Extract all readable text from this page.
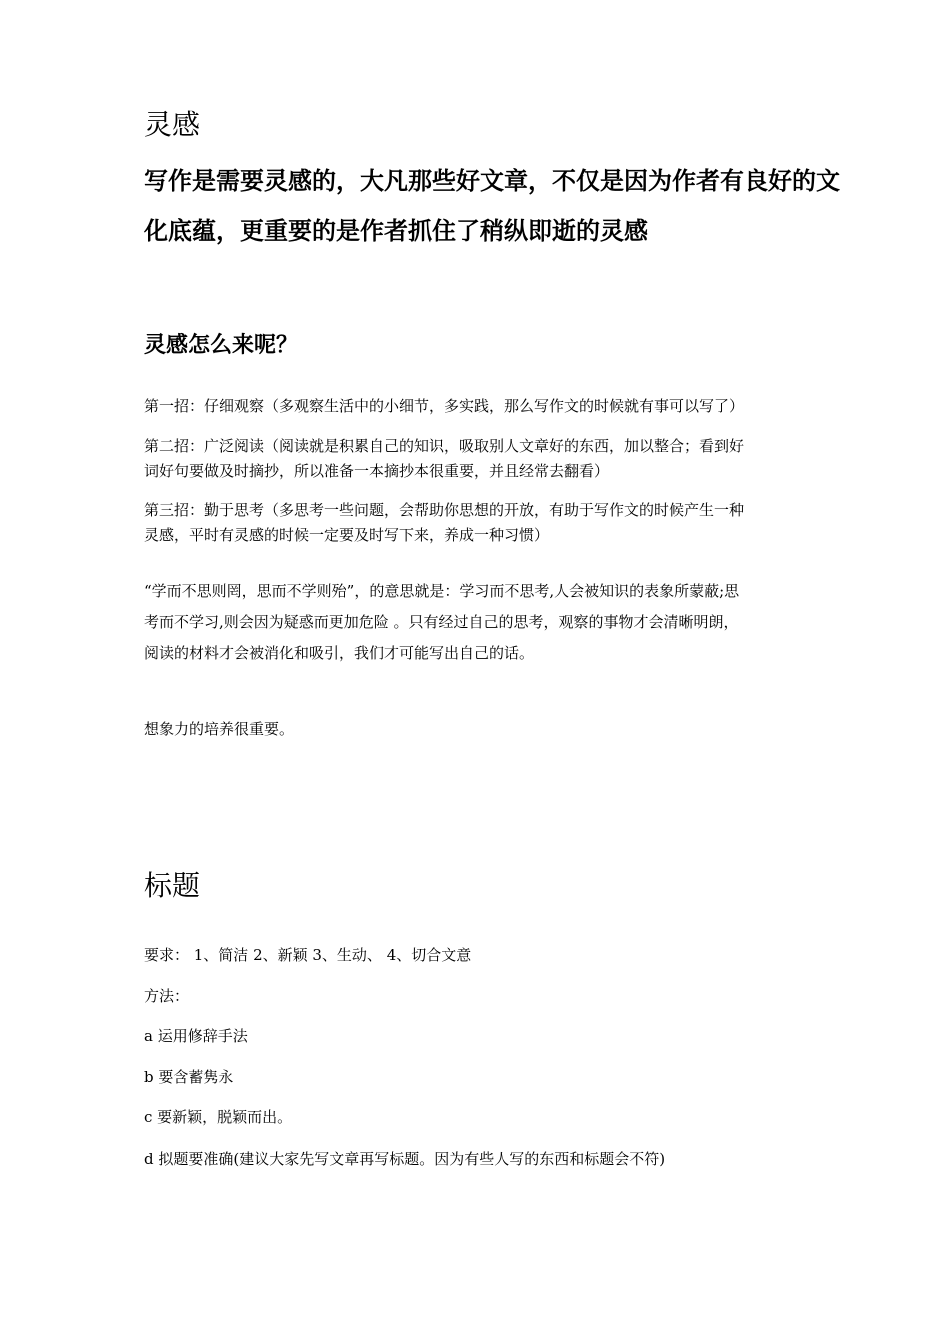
灵感

写作是需要灵感的，大凡那些好文章，不仅是因为作者有良好的文
化底蕴，更重要的是作者抓住了稍纵即逝的灵感

灵感怎么来呢？

第一招：仔细观察（多观察生活中的小细节，多实践，那么写作文的时候就有事可以写了）

第二招：广泛阅读（阅读就是积累自己的知识，吸取别人文章好的东西，加以整合；看到好
词好句要做及时摘抄，所以准备一本摘抄本很重要，并且经常去翻看）

第三招：勤于思考（多思考一些问题，会帮助你思想的开放，有助于写作文的时候产生一种
灵感，平时有灵感的时候一定要及时写下来，养成一种习惯）

“学而不思则罔，思而不学则殆”，的意思就是：学习而不思考,人会被知识的表象所蒙蔽;思
考而不学习,则会因为疑惑而更加危险 。只有经过自己的思考，观察的事物才会清晰明朗，
阅读的材料才会被消化和吸引，我们才可能写出自己的话。

想象力的培养很重要。

标题

要求： 1、简洁 2、新颖 3、生动、 4、切合文意

方法：

a 运用修辞手法

b 要含蓄隽永

c 要新颖，脱颖而出。

d 拟题要准确(建议大家先写文章再写标题。因为有些人写的东西和标题会不符)
